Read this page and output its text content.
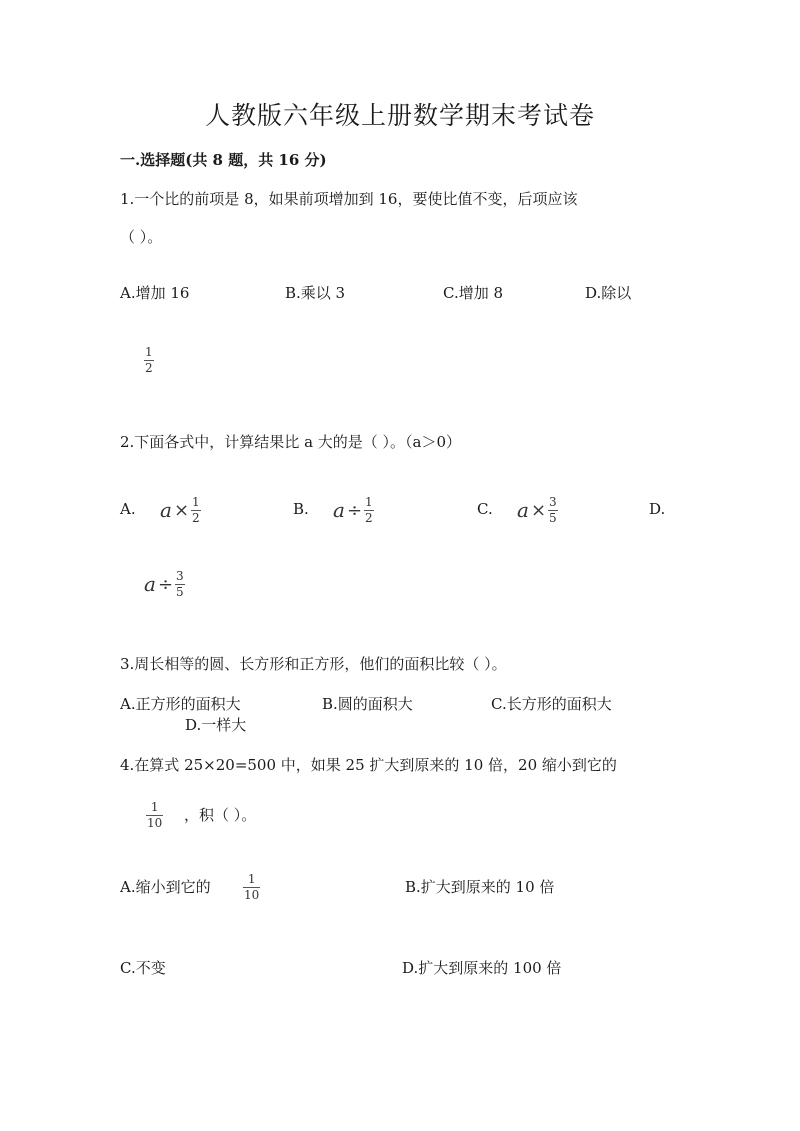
人教版六年级上册数学期末考试卷
一.选择题(共 8 题，共 16 分)
1.一个比的前项是 8，如果前项增加到 16，要使比值不变，后项应该
（ ）。
A.增加 16	B.乘以 3	C.增加 8	D.除以
1
2
2.下面各式中，计算结果比 a 大的是（ ）。（a＞0）
A. $a \times \frac{1}{2}$	B. $a \div \frac{1}{2}$	C. $a \times \frac{3}{5}$	D.
$a \div \frac{3}{5}$
3.周长相等的圆、长方形和正方形，他们的面积比较（ ）。
A.正方形的面积大	B.圆的面积大	C.长方形的面积大
D.一样大
4.在算式 25×20=500 中，如果 25 扩大到原来的 10 倍，20 缩小到它的
1
10 ，积（ ）。
A.缩小到它的	1
10	B.扩大到原来的 10 倍
C.不变	D.扩大到原来的 100 倍
